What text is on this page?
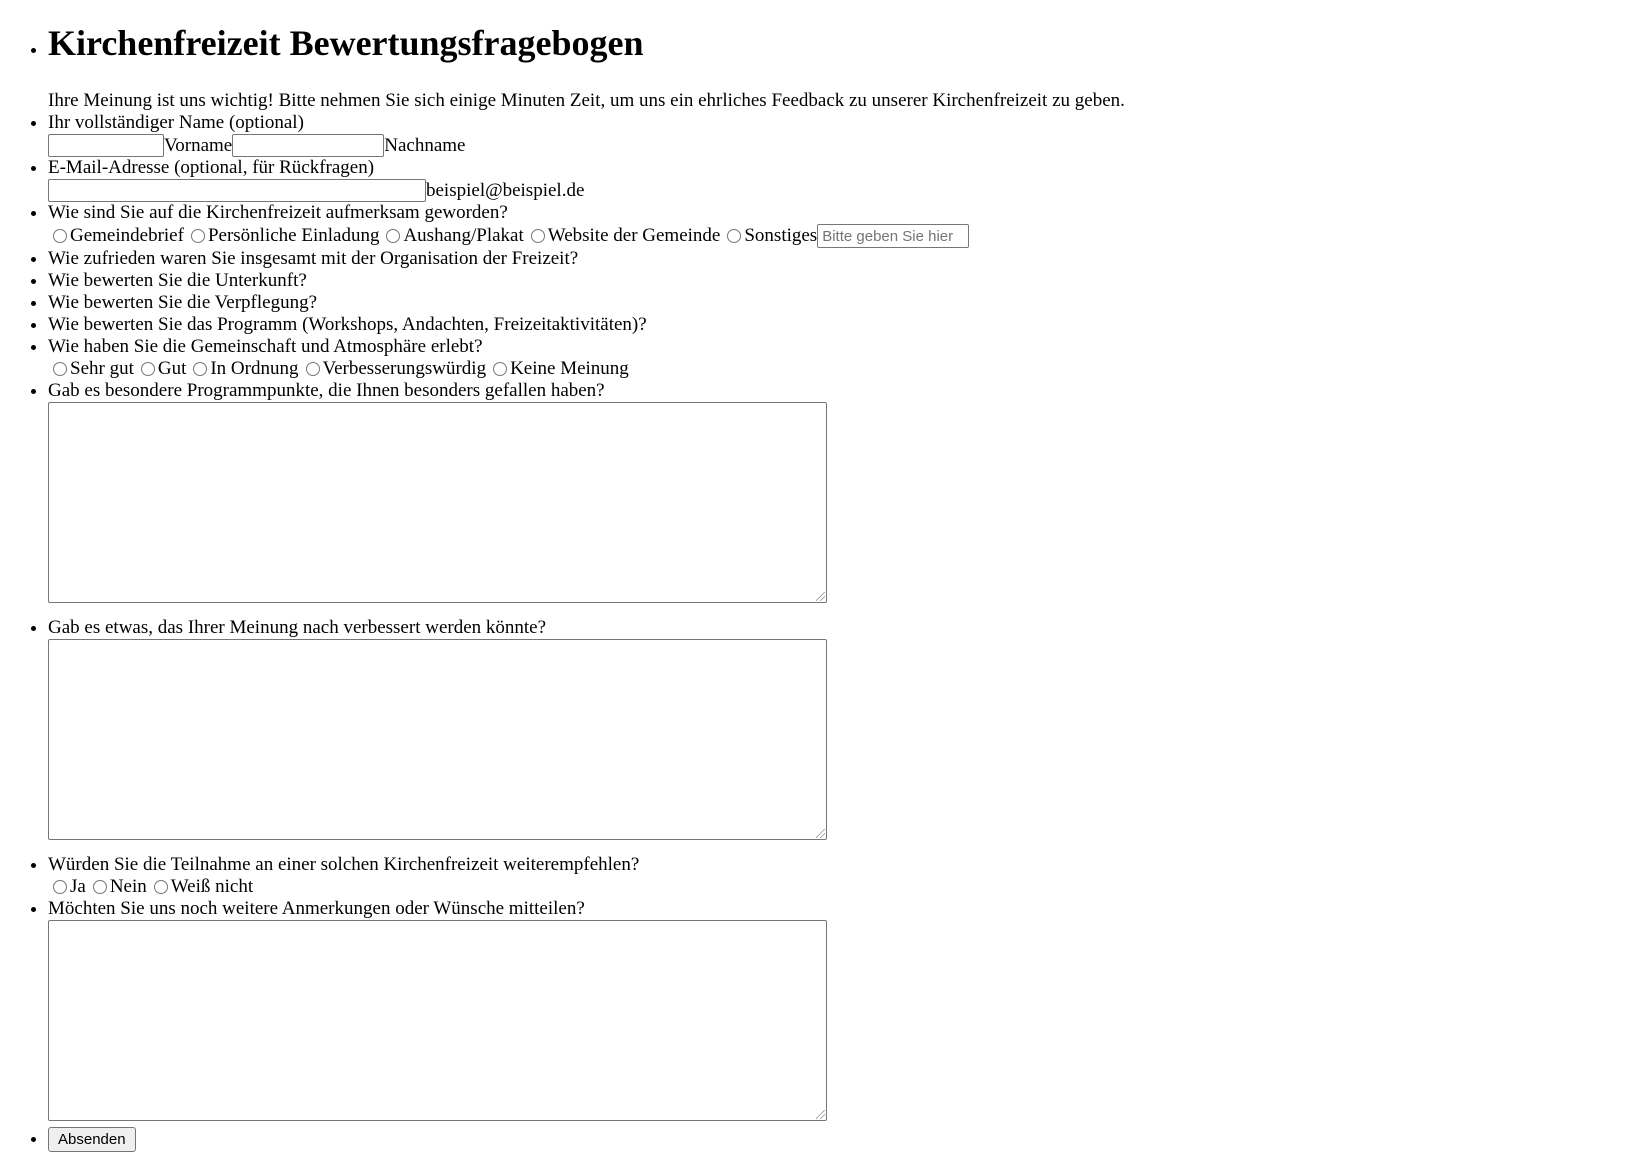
• Kirchenfreizeit Bewertungsfragebogen

Ihre Meinung ist uns wichtig! Bitte nehmen Sie sich einige Minuten Zeit, um uns ein ehrliches Feedback zu unserer Kirchenfreizeit zu geben.

• Ihr vollständiger Name (optional)
Vorname	Nachname
• E-Mail-Adresse (optional, für Rückfragen)
beispiel@beispiel.de
• Wie sind Sie auf die Kirchenfreizeit aufmerksam geworden?
Gemeindebrief Persönliche Einladung Aushang/Plakat Website der Gemeinde Sonstiges
Bitte geben Sie hier
• Wie zufrieden waren Sie insgesamt mit der Organisation der Freizeit?
• Wie bewerten Sie die Unterkunft?
• Wie bewerten Sie die Verpflegung?
• Wie bewerten Sie das Programm (Workshops, Andachten, Freizeitaktivitäten)?
• Wie haben Sie die Gemeinschaft und Atmosphäre erlebt?
Sehr gut Gut In Ordnung Verbesserungswürdig Keine Meinung
• Gab es besondere Programmpunkte, die Ihnen besonders gefallen haben?
• Gab es etwas, das Ihrer Meinung nach verbessert werden könnte?
• Würden Sie die Teilnahme an einer solchen Kirchenfreizeit weiterempfehlen?
Ja Nein Weiß nicht
• Möchten Sie uns noch weitere Anmerkungen oder Wünsche mitteilen?
• Absenden
